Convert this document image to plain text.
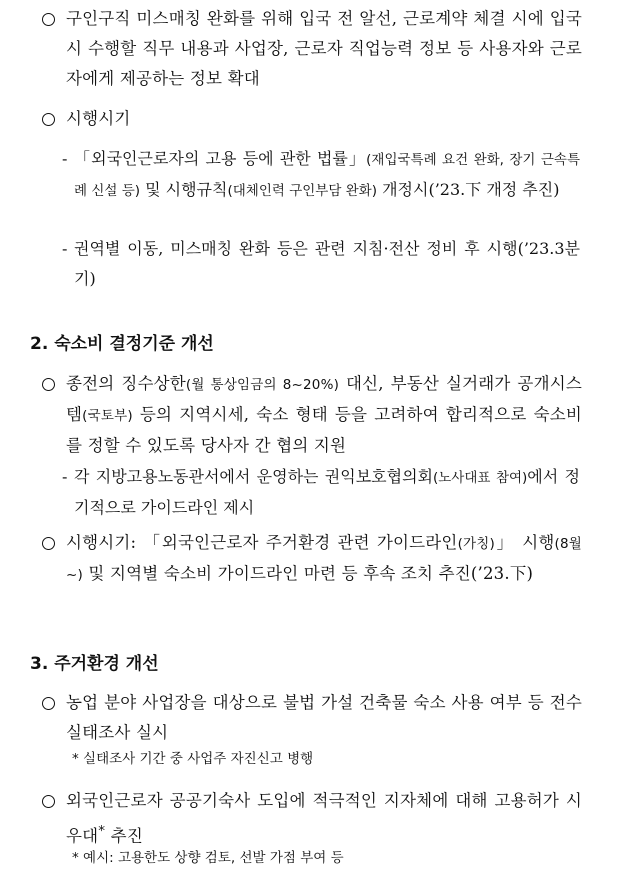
구인구직 미스매칭 완화를 위해 입국 전 알선, 근로계약 체결 시에 입국 시 수행할 직무 내용과 사업장, 근로자 직업능력 정보 등 사용자와 근로자에게 제공하는 정보 확대
시행시기
- 「외국인근로자의 고용 등에 관한 법률」(재입국특례 요건 완화, 장기 근속특례 신설 등) 및 시행규칙(대체인력 구인부담 완화) 개정시(’23.下 개정 추진)
- 권역별 이동, 미스매칭 완화 등은 관련 지침·전산 정비 후 시행(’23.3분기)
2. 숙소비 결정기준 개선
종전의 징수상한(월 통상임금의 8~20%) 대신, 부동산 실거래가 공개시스템(국토부) 등의 지역시세, 숙소 형태 등을 고려하여 합리적으로 숙소비를 정할 수 있도록 당사자 간 협의 지원
- 각 지방고용노동관서에서 운영하는 권익보호협의회(노사대표 참여)에서 정기적으로 가이드라인 제시
시행시기: 「외국인근로자 주거환경 관련 가이드라인(가칭)」 시행(8월~) 및 지역별 숙소비 가이드라인 마련 등 후속 조치 추진(’23.下)
3. 주거환경 개선
농업 분야 사업장을 대상으로 불법 가설 건축물 숙소 사용 여부 등 전수 실태조사 실시
* 실태조사 기간 중 사업주 자진신고 병행
외국인근로자 공공기숙사 도입에 적극적인 지자체에 대해 고용허가 시 우대* 추진
* 예시: 고용한도 상향 검토, 선발 가점 부여 등
